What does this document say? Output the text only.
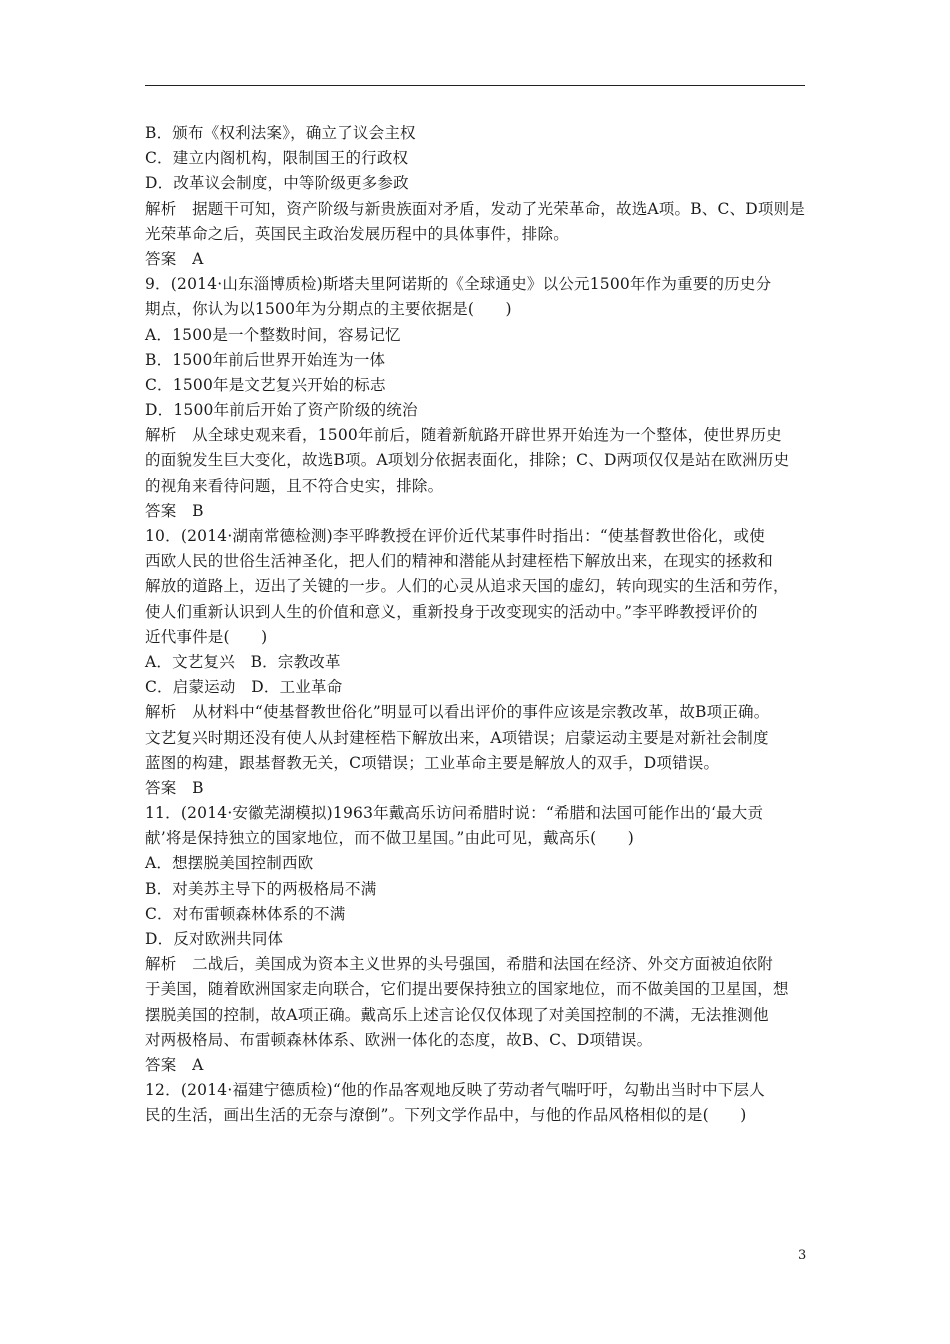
B．颁布《权利法案》，确立了议会主权
C．建立内阁机构，限制国王的行政权
D．改革议会制度，中等阶级更多参政
解析　据题干可知，资产阶级与新贵族面对矛盾，发动了光荣革命，故选A项。B、C、D项则是
光荣革命之后，英国民主政治发展历程中的具体事件，排除。
答案　A
9．(2014·山东淄博质检)斯塔夫里阿诺斯的《全球通史》以公元1500年作为重要的历史分
期点，你认为以1500年为分期点的主要依据是(　　)
A．1500是一个整数时间，容易记忆
B．1500年前后世界开始连为一体
C．1500年是文艺复兴开始的标志
D．1500年前后开始了资产阶级的统治
解析　从全球史观来看，1500年前后，随着新航路开辟世界开始连为一个整体，使世界历史
的面貌发生巨大变化，故选B项。A项划分依据表面化，排除；C、D两项仅仅是站在欧洲历史
的视角来看待问题，且不符合史实，排除。
答案　B
10．(2014·湖南常德检测)李平晔教授在评价近代某事件时指出：“使基督教世俗化，或使
西欧人民的世俗生活神圣化，把人们的精神和潜能从封建桎梏下解放出来，在现实的拯救和
解放的道路上，迈出了关键的一步。人们的心灵从追求天国的虚幻，转向现实的生活和劳作，
使人们重新认识到人生的价值和意义，重新投身于改变现实的活动中。”李平晔教授评价的
近代事件是(　　)
A．文艺复兴　B．宗教改革
C．启蒙运动　D．工业革命
解析　从材料中“使基督教世俗化”明显可以看出评价的事件应该是宗教改革，故B项正确。
文艺复兴时期还没有使人从封建桎梏下解放出来，A项错误；启蒙运动主要是对新社会制度
蓝图的构建，跟基督教无关，C项错误；工业革命主要是解放人的双手，D项错误。
答案　B
11．(2014·安徽芜湖模拟)1963年戴高乐访问希腊时说：“希腊和法国可能作出的‘最大贡
献’将是保持独立的国家地位，而不做卫星国。”由此可见，戴高乐(　　)
A．想摆脱美国控制西欧
B．对美苏主导下的两极格局不满
C．对布雷顿森林体系的不满
D．反对欧洲共同体
解析　二战后，美国成为资本主义世界的头号强国，希腊和法国在经济、外交方面被迫依附
于美国，随着欧洲国家走向联合，它们提出要保持独立的国家地位，而不做美国的卫星国，想
摆脱美国的控制，故A项正确。戴高乐上述言论仅仅体现了对美国控制的不满，无法推测他
对两极格局、布雷顿森林体系、欧洲一体化的态度，故B、C、D项错误。
答案　A
12．(2014·福建宁德质检)“他的作品客观地反映了劳动者气喘吁吁，勾勒出当时中下层人
民的生活，画出生活的无奈与潦倒”。下列文学作品中，与他的作品风格相似的是(　　)
3
